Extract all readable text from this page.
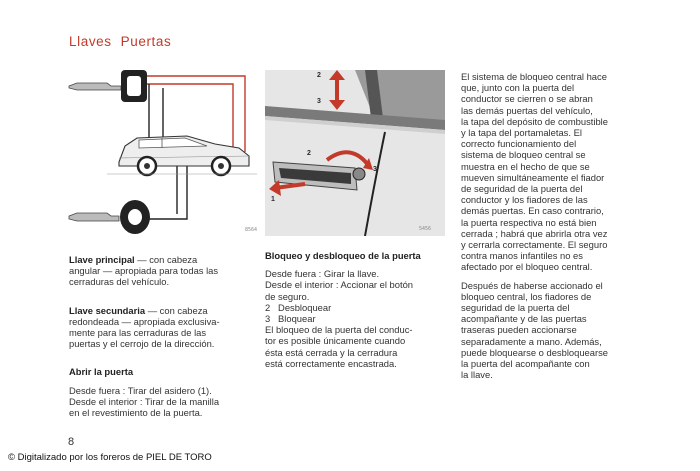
Llaves Puertas
8564
1
2
3
2
3
5456

Llave principal — con cabeza

angular — apropiada para todas las

cerraduras del vehículo.

Llave secundaria — con cabeza

redondeada — apropiada exclusiva-

mente para las cerraduras de las

puertas y el cerrojo de la dirección.

Abrir la puerta

Desde fuera : Tirar del asidero (1).

Desde el interior : Tirar de la manilla

en el revestimiento de la puerta.

Bloqueo y desbloqueo de la puerta

Desde fuera : Girar la llave.

Desde el interior : Accionar el botón

de seguro.

2 Desbloquear

3 Bloquear

El bloqueo de la puerta del conduc-

tor es posible únicamente cuando

ésta está cerrada y la cerradura

está correctamente encastrada.

El sistema de bloqueo central hace

que, junto con la puerta del

conductor se cierren o se abran

las demás puertas del vehículo,

la tapa del depósito de combustible

y la tapa del portamaletas. El

correcto funcionamiento del

sistema de bloqueo central se

muestra en el hecho de que se

mueven simultáneamente el fiador

de seguridad de la puerta del

conductor y los fiadores de las

demás puertas. En caso contrario,

la puerta respectiva no está bien

cerrada ; habrá que abrirla otra vez

y cerrarla correctamente. El seguro

contra manos infantiles no es

afectado por el bloqueo central.

Después de haberse accionado el

bloqueo central, los fiadores de

seguridad de la puerta del

acompañante y de las puertas

traseras pueden accionarse

separadamente a mano. Además,

puede bloquearse o desbloquearse

la puerta del acompañante con

la llave.

8
© Digitalizado por los foreros de PIEL DE TORO
